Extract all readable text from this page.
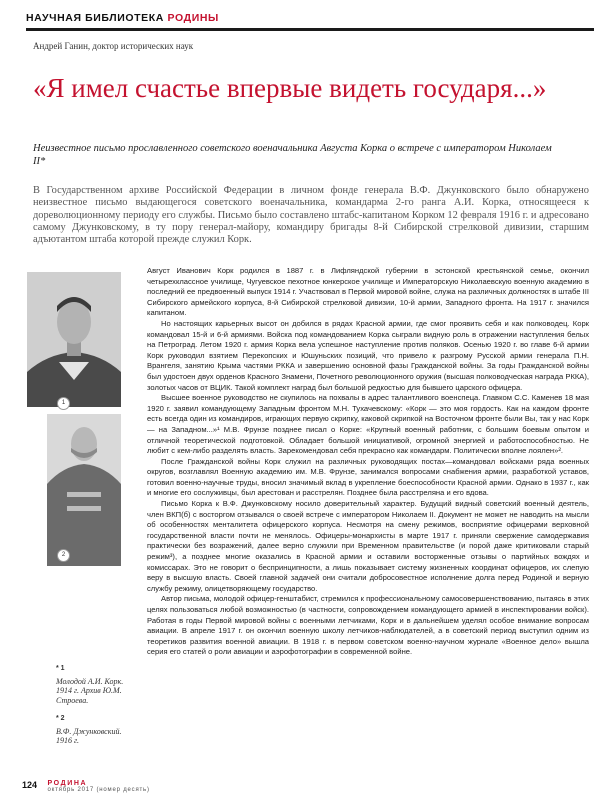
НАУЧНАЯ БИБЛИОТЕКА РОДИНЫ
Андрей Ганин, доктор исторических наук
«Я имел счастье впервые видеть государя...»
Неизвестное письмо прославленного советского военачальника Августа Корка о встрече с императором Николаем II*
В Государственном архиве Российской Федерации в личном фонде генерала В.Ф. Джунковского было обнаружено неизвестное письмо выдающегося советского военачальника, командарма 2-го ранга А.И. Корка, относящееся к дореволюционному периоду его службы. Письмо было составлено штабс-капитаном Корком 12 февраля 1916 г. и адресовано самому Джунковскому, в ту пору генерал-майору, командиру бригады 8-й Сибирской стрелковой дивизии, старшим адъютантом штаба которой прежде служил Корк.
1
2
* 1
Молодой А.И. Корк. 1914 г. Архив Ю.М. Строева.
* 2
В.Ф. Джунковский. 1916 г.

Август Иванович Корк родился в 1887 г. в Лифляндской губернии в эстонской крестьянской семье, окончил четырехклассное училище, Чугуевское пехотное юнкерское училище и Императорскую Николаевскую военную академию в последний ее предвоенный выпуск 1914 г. Участвовал в Первой мировой войне, служа на различных должностях в штабе III Сибирского армейского корпуса, 8-й Сибирской стрелковой дивизии, 10-й армии, Западного фронта. На 1917 г. значился капитаном.

Но настоящих карьерных высот он добился в рядах Красной армии, где смог проявить себя и как полководец. Корк командовал 15-й и 6-й армиями. Войска под командованием Корка сыграли видную роль в отражении наступления белых на Петроград. Летом 1920 г. армия Корка вела успешное наступление против поляков. Осенью 1920 г. во главе 6-й армии Корк руководил взятием Перекопских и Юшуньских позиций, что привело к разгрому Русской армии генерала П.Н. Врангеля, занятию Крыма частями РККА и завершению основной фазы Гражданской войны. За годы Гражданской войны был удостоен двух орденов Красного Знамени, Почетного революционного оружия (высшая полководческая награда РККА), золотых часов от ВЦИК. Такой комплект наград был большой редкостью для бывшего царского офицера.

Высшее военное руководство не скупилось на похвалы в адрес талантливого военспеца. Главком С.С. Каменев 18 мая 1920 г. заявил командующему Западным фронтом М.Н. Тухачевскому: «Корк — это моя гордость. Как на каждом фронте есть всегда один из командиров, играющих первую скрипку, каковой скрипкой на Восточном фронте были Вы, так у нас Корк — на Западном...»¹ М.В. Фрунзе позднее писал о Корке: «Крупный военный работник, с большим боевым опытом и отличной теоретической подготовкой. Обладает большой инициативой, огромной энергией и работоспособностью. Не любит с кем-либо разделять власть. Зарекомендовал себя прекрасно как командарм. Политически вполне лоялен»².

После Гражданской войны Корк служил на различных руководящих постах—командовал войсками ряда военных округов, возглавлял Военную академию им. М.В. Фрунзе, занимался вопросами снабжения армии, разработкой уставов, готовил военно-научные труды, вносил значимый вклад в укрепление боеспособности Красной армии. Однако в 1937 г., как и многие его сослуживцы, был арестован и расстрелян. Позднее была расстреляна и его вдова.

Письмо Корка к В.Ф. Джунковскому носило доверительный характер. Будущий видный советский военный деятель, член ВКП(б) с восторгом отзывался о своей встрече с императором Николаем II. Документ не может не наводить на мысли об особенностях менталитета офицерского корпуса. Несмотря на смену режимов, восприятие офицерами верховной государственной власти почти не менялось. Офицеры-монархисты в марте 1917 г. приняли свержение самодержавия практически без возражений, далее верно служили при Временном правительстве (и порой даже критиковали старый режим³), а позднее многие оказались в Красной армии и оставили восторженные отзывы о партийных вождях и комиссарах. Это не говорит о беспринципности, а лишь показывает систему жизненных координат офицеров, их слепую веру в высшую власть. Своей главной задачей они считали добросовестное исполнение долга перед Родиной и верную службу режиму, олицетворяющему государство.

Автор письма, молодой офицер-генштабист, стремился к профессиональному самосовершенствованию, пытаясь в этих целях пользоваться любой возможностью (в частности, сопровождением командующего армией в инспектировании войск). Работая в годы Первой мировой войны с военными летчиками, Корк и в дальнейшем уделял особое внимание вопросам авиации. В апреле 1917 г. он окончил военную школу летчиков-наблюдателей, а в советский период выступил одним из теоретиков развития военной авиации. В 1918 г. в первом советском военно-научном журнале «Военное дело» вышла серия его статей о роли авиации и аэрофотографии в современной войне.

124 РОДИНА
октябрь 2017 (номер десять)
